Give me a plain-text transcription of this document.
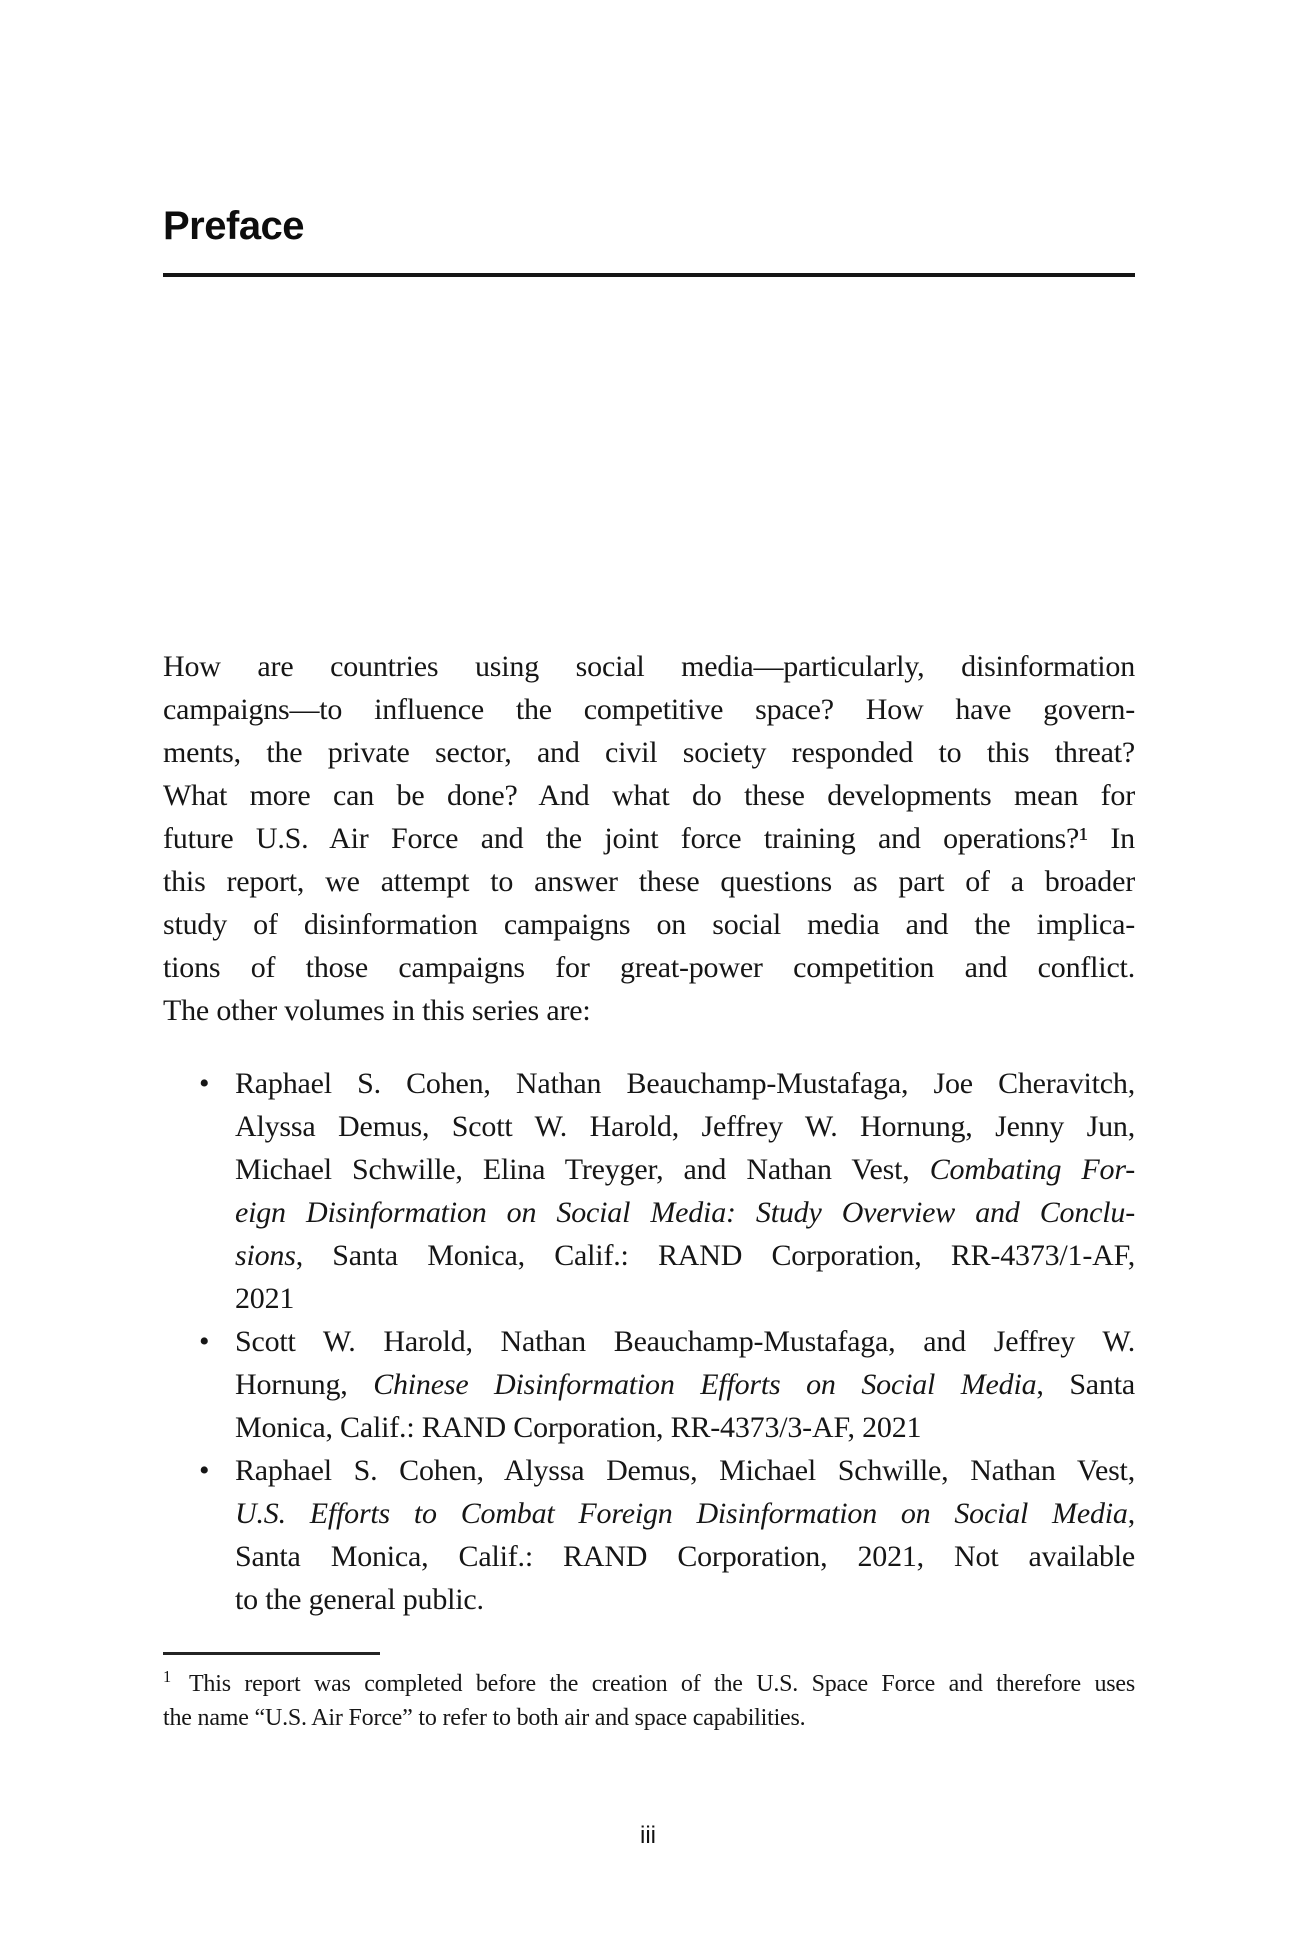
Preface
How are countries using social media—particularly, disinformation
campaigns—to influence the competitive space? How have govern-
ments, the private sector, and civil society responded to this threat?
What more can be done? And what do these developments mean for
future U.S. Air Force and the joint force training and operations?¹ In
this report, we attempt to answer these questions as part of a broader
study of disinformation campaigns on social media and the implica-
tions of those campaigns for great-power competition and conflict.
The other volumes in this series are:
• Raphael S. Cohen, Nathan Beauchamp-Mustafaga, Joe Cheravitch,
Alyssa Demus, Scott W. Harold, Jeffrey W. Hornung, Jenny Jun,
Michael Schwille, Elina Treyger, and Nathan Vest, Combating For-
eign Disinformation on Social Media: Study Overview and Conclu-
sions, Santa Monica, Calif.: RAND Corporation, RR-4373/1-AF,
2021
• Scott W. Harold, Nathan Beauchamp-Mustafaga, and Jeffrey W.
Hornung, Chinese Disinformation Efforts on Social Media, Santa
Monica, Calif.: RAND Corporation, RR-4373/3-AF, 2021
• Raphael S. Cohen, Alyssa Demus, Michael Schwille, Nathan Vest,
U.S. Efforts to Combat Foreign Disinformation on Social Media,
Santa Monica, Calif.: RAND Corporation, 2021, Not available
to the general public.
$^1$ This report was completed before the creation of the U.S. Space Force and therefore uses
the name “U.S. Air Force” to refer to both air and space capabilities.
iii
